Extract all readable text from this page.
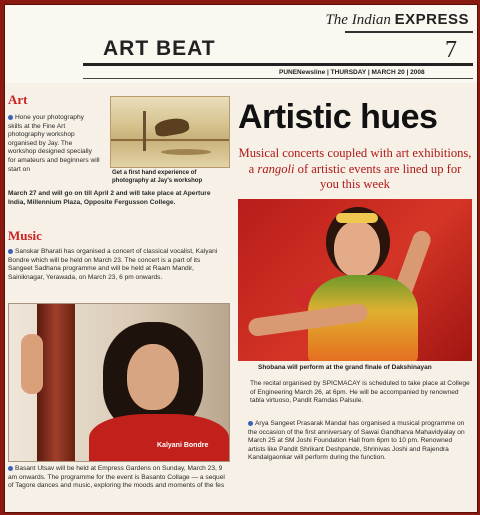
The Indian EXPRESS
ART BEAT	7
PUNENewsline | THURSDAY | MARCH 20 | 2008
Art
Hone your photography skills at the Fine Art photography workshop organised by Jay. The workshop designed specially for amateurs and beginners will start on
Get a first hand experience of photography at Jay's workshop
March 27 and will go on till April 2 and will take place at Aperture India, Millennium Plaza, Opposite Fergusson College.
Music
Sanskar Bharati has organised a concert of classical vocalist, Kalyani Bondre which will be held on March 23. The concert is a part of its Sangeet Sadhana programme and will be held at Raam Mandir, Sainiknagar, Yerawada, on March 23, 6 pm onwards.
Kalyani Bondre
Basant Utsav will be held at Empress Gardens on Sunday, March 23, 9 am onwards. The programme for the event is Basanto Collage — a sequel of Tagore dances and music, exploring the moods and moments of the fes
Artistic hues
Musical concerts coupled with art exhibitions, a rangoli of artistic events are lined up for you this week
Shobana will perform at the grand finale of Dakshinayan
The recital organised by SPICMACAY is scheduled to take place at College of Engineering March 26, at 6pm. He will be accompanied by renowned tabla virtuoso, Pandit Ramdas Palsule.
Arya Sangeet Prasarak Mandal has organised a musical programme on the occasion of the first anniversary of Sawai Gandharva Mahavidyalay on March 25 at SM Joshi Foundation Hall from 6pm to 10 pm. Renowned artists like Pandit Shrikant Deshpande, Shrinivas Joshi and Rajendra Kandalgaonkar will perform during the function.
